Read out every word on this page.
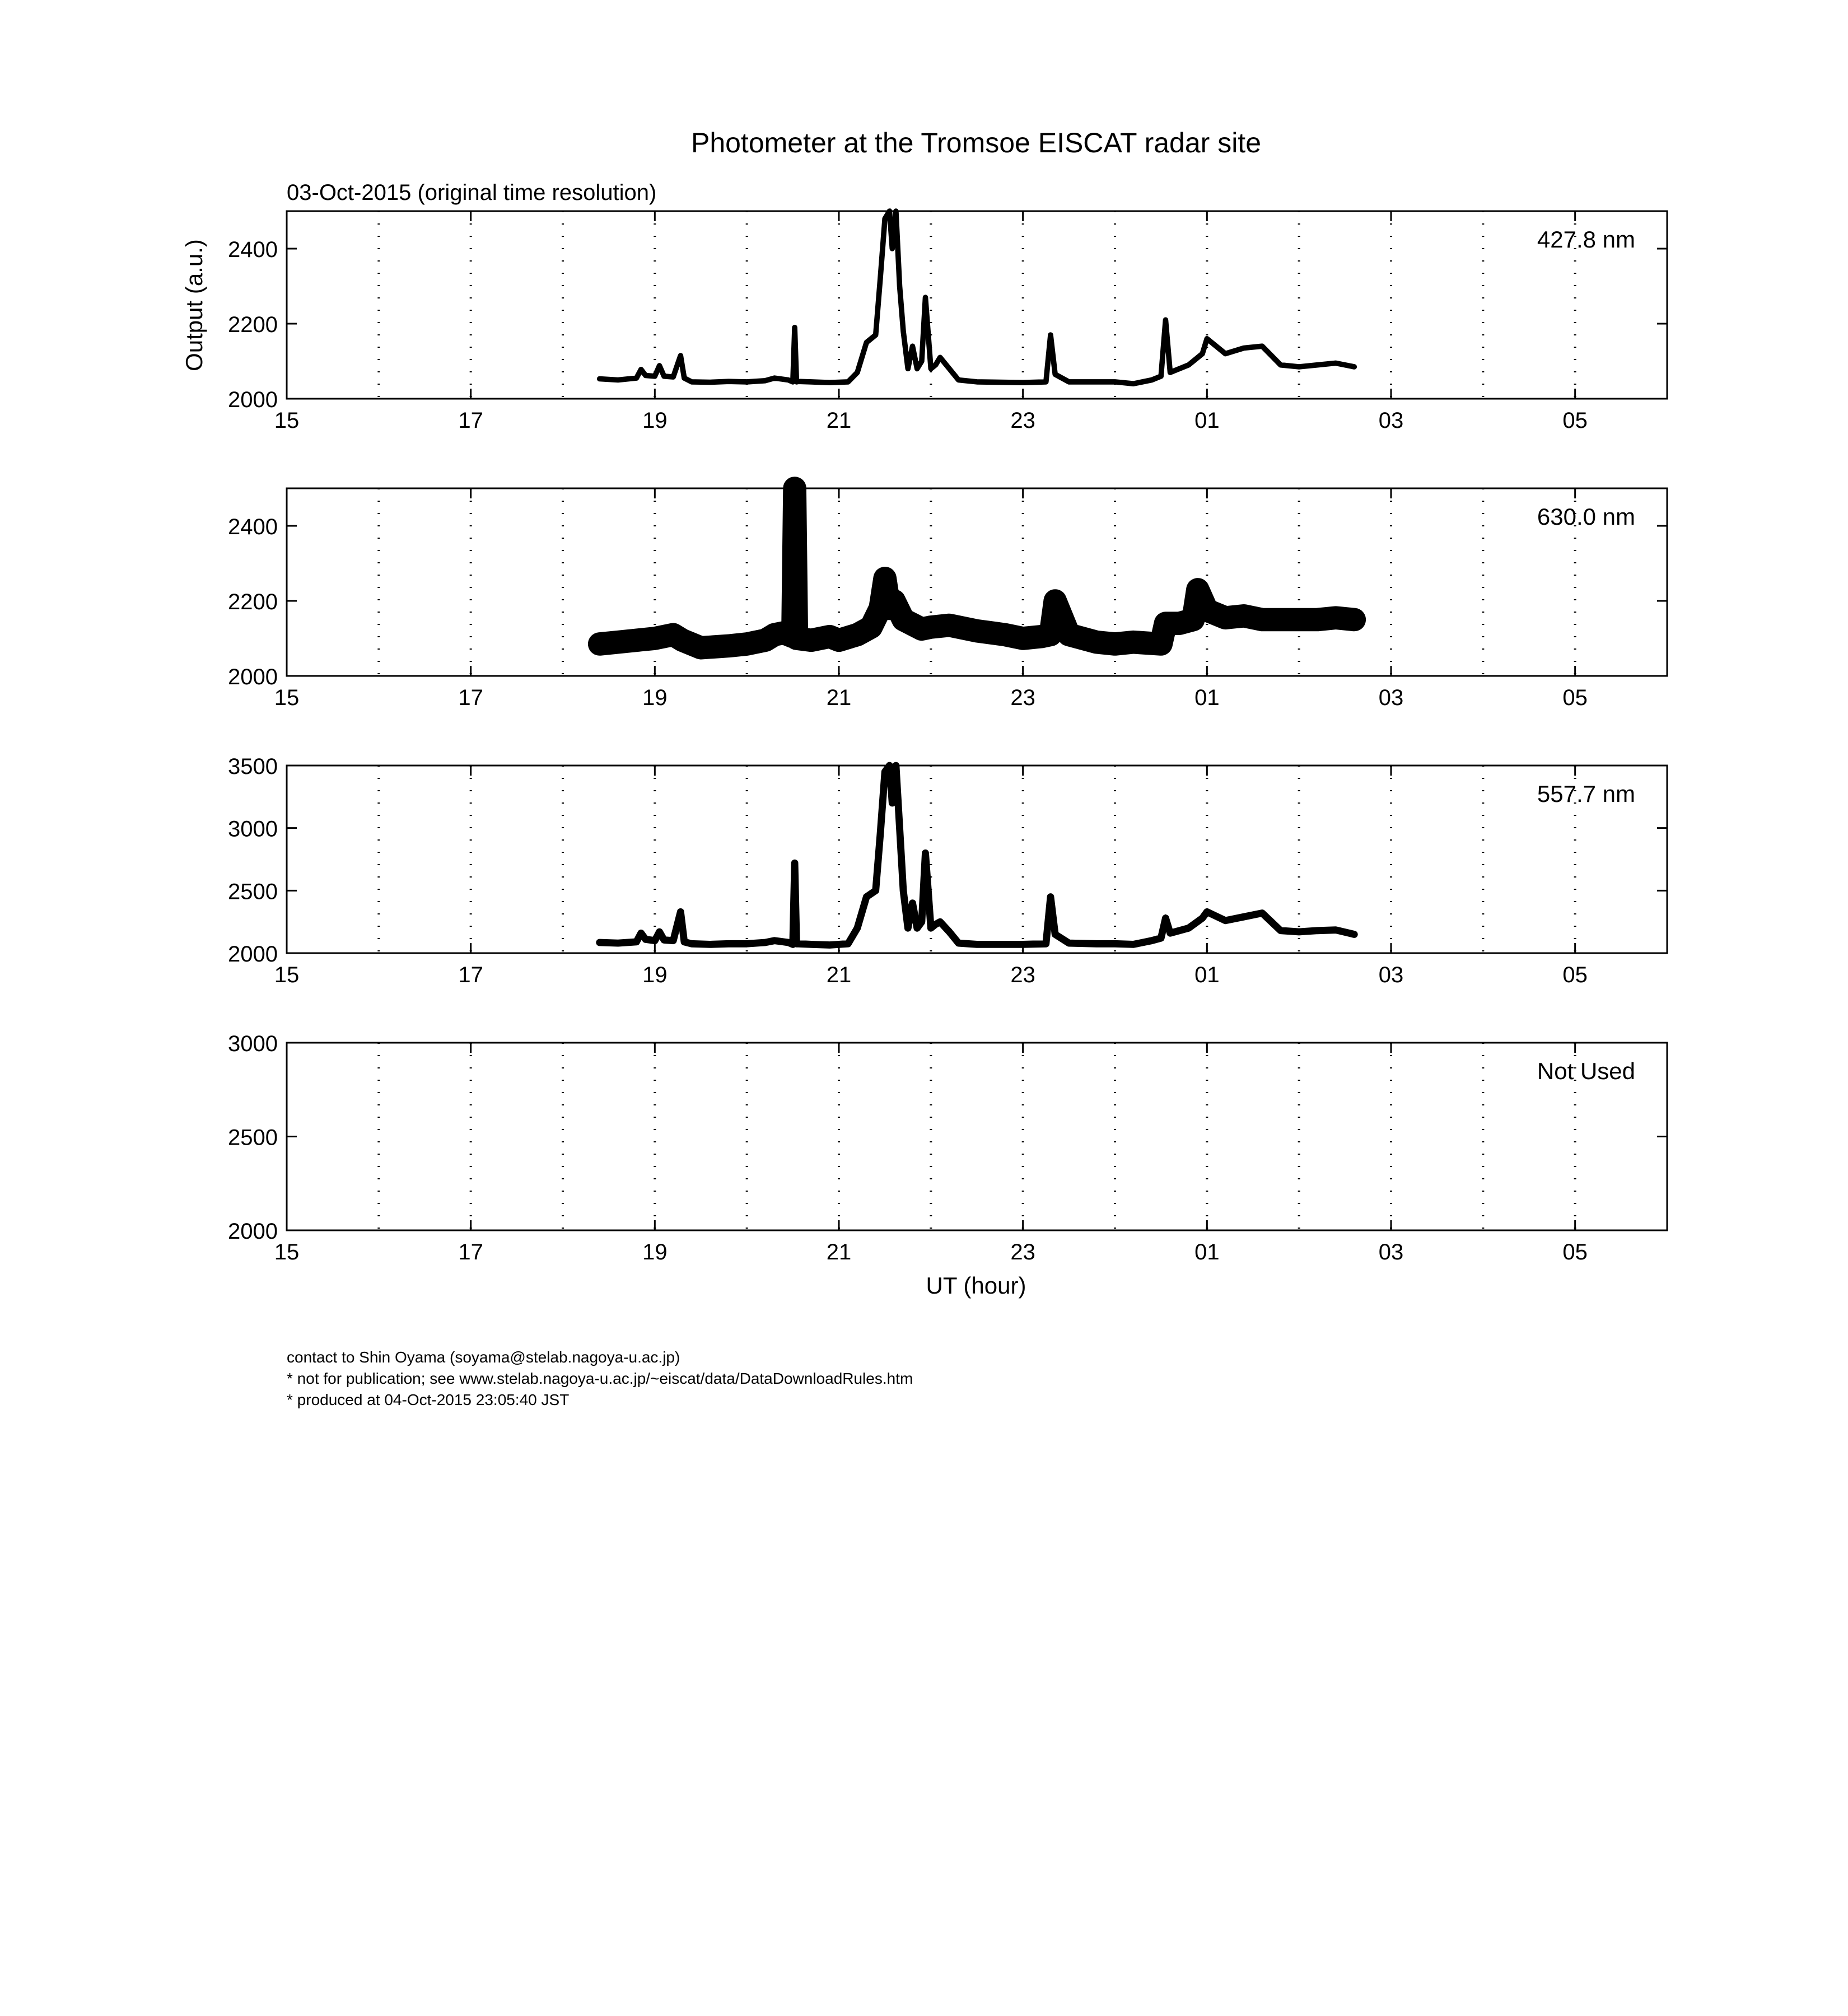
Photometer at the Tromsoe EISCAT radar site
03-Oct-2015 (original time resolution)
Output (a.u.)
UT (hour)
15	17	19	21	23	01	03	05
2000
2200
2400	427.8 nm
15	17	19	21	23	01	03	05
2000
2200
2400	630.0 nm
15	17	19	21	23	01	03	05
2000
2500
3000
3500
557.7 nm
15	17	19	21	23	01	03	05
2000
2500
3000
Not Used
contact to Shin Oyama (soyama@stelab.nagoya-u.ac.jp)
* not for publication; see www.stelab.nagoya-u.ac.jp/~eiscat/data/DataDownloadRules.htm
* produced at 04-Oct-2015 23:05:40 JST
